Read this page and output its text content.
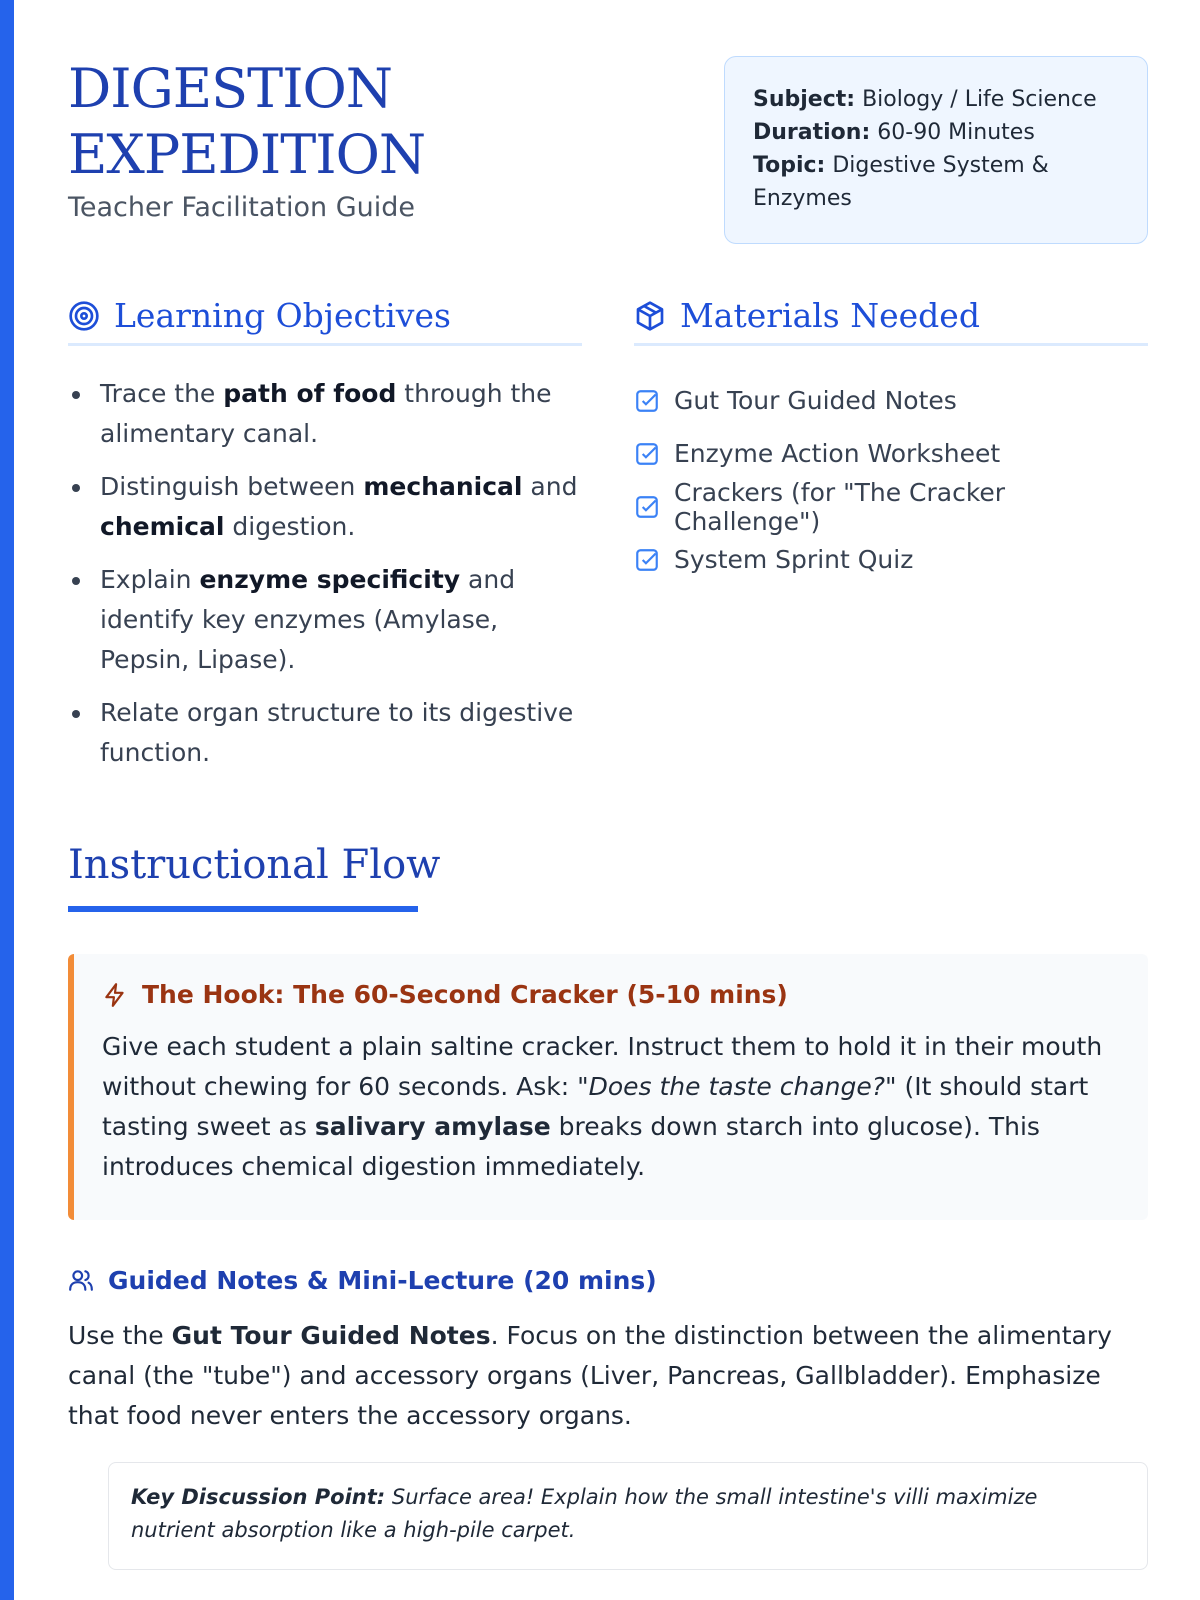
DIGESTION
EXPEDITION
Teacher Facilitation Guide
Subject: Biology / Life Science
Duration: 60-90 Minutes
Topic: Digestive System & Enzymes
Learning Objectives
Trace the path of food through the alimentary canal.
Distinguish between mechanical and chemical digestion.
Explain enzyme specificity and identify key enzymes (Amylase, Pepsin, Lipase).
Relate organ structure to its digestive function.
Materials Needed
Gut Tour Guided Notes
Enzyme Action Worksheet
Crackers (for "The Cracker Challenge")
System Sprint Quiz
Instructional Flow
The Hook: The 60-Second Cracker (5-10 mins)

Give each student a plain saltine cracker. Instruct them to hold it in their mouth without chewing for 60 seconds. Ask: "Does the taste change?" (It should start tasting sweet as salivary amylase breaks down starch into glucose). This introduces chemical digestion immediately.

Guided Notes & Mini-Lecture (20 mins)

Use the Gut Tour Guided Notes. Focus on the distinction between the alimentary canal (the "tube") and accessory organs (Liver, Pancreas, Gallbladder). Emphasize that food never enters the accessory organs.

Key Discussion Point: Surface area! Explain how the small intestine's villi maximize nutrient absorption like a high-pile carpet.
